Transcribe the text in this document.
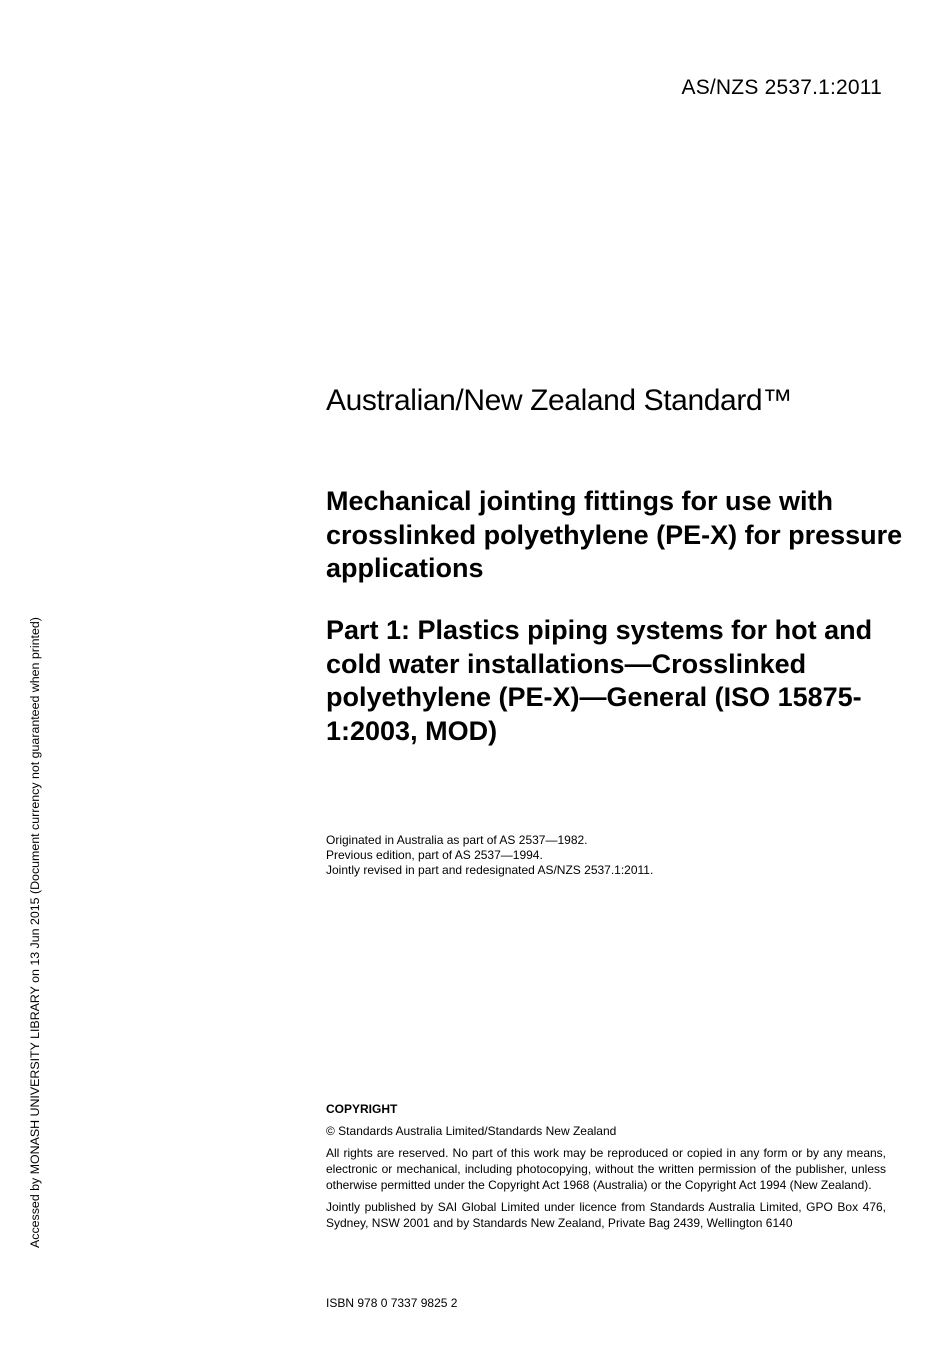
AS/NZS 2537.1:2011
Accessed by MONASH UNIVERSITY LIBRARY on 13 Jun 2015 (Document currency not guaranteed when printed)
Australian/New Zealand Standard™
Mechanical jointing fittings for use with crosslinked polyethylene (PE-X) for pressure applications
Part 1: Plastics piping systems for hot and cold water installations—Crosslinked polyethylene (PE-X)—General (ISO 15875-1:2003, MOD)
Originated in Australia as part of AS 2537—1982.
Previous edition, part of AS 2537—1994.
Jointly revised in part and redesignated AS/NZS 2537.1:2011.
COPYRIGHT
© Standards Australia Limited/Standards New Zealand
All rights are reserved. No part of this work may be reproduced or copied in any form or by any means, electronic or mechanical, including photocopying, without the written permission of the publisher, unless otherwise permitted under the Copyright Act 1968 (Australia) or the Copyright Act 1994 (New Zealand).
Jointly published by SAI Global Limited under licence from Standards Australia Limited, GPO Box 476, Sydney, NSW 2001 and by Standards New Zealand, Private Bag 2439, Wellington 6140
ISBN 978 0 7337 9825 2
